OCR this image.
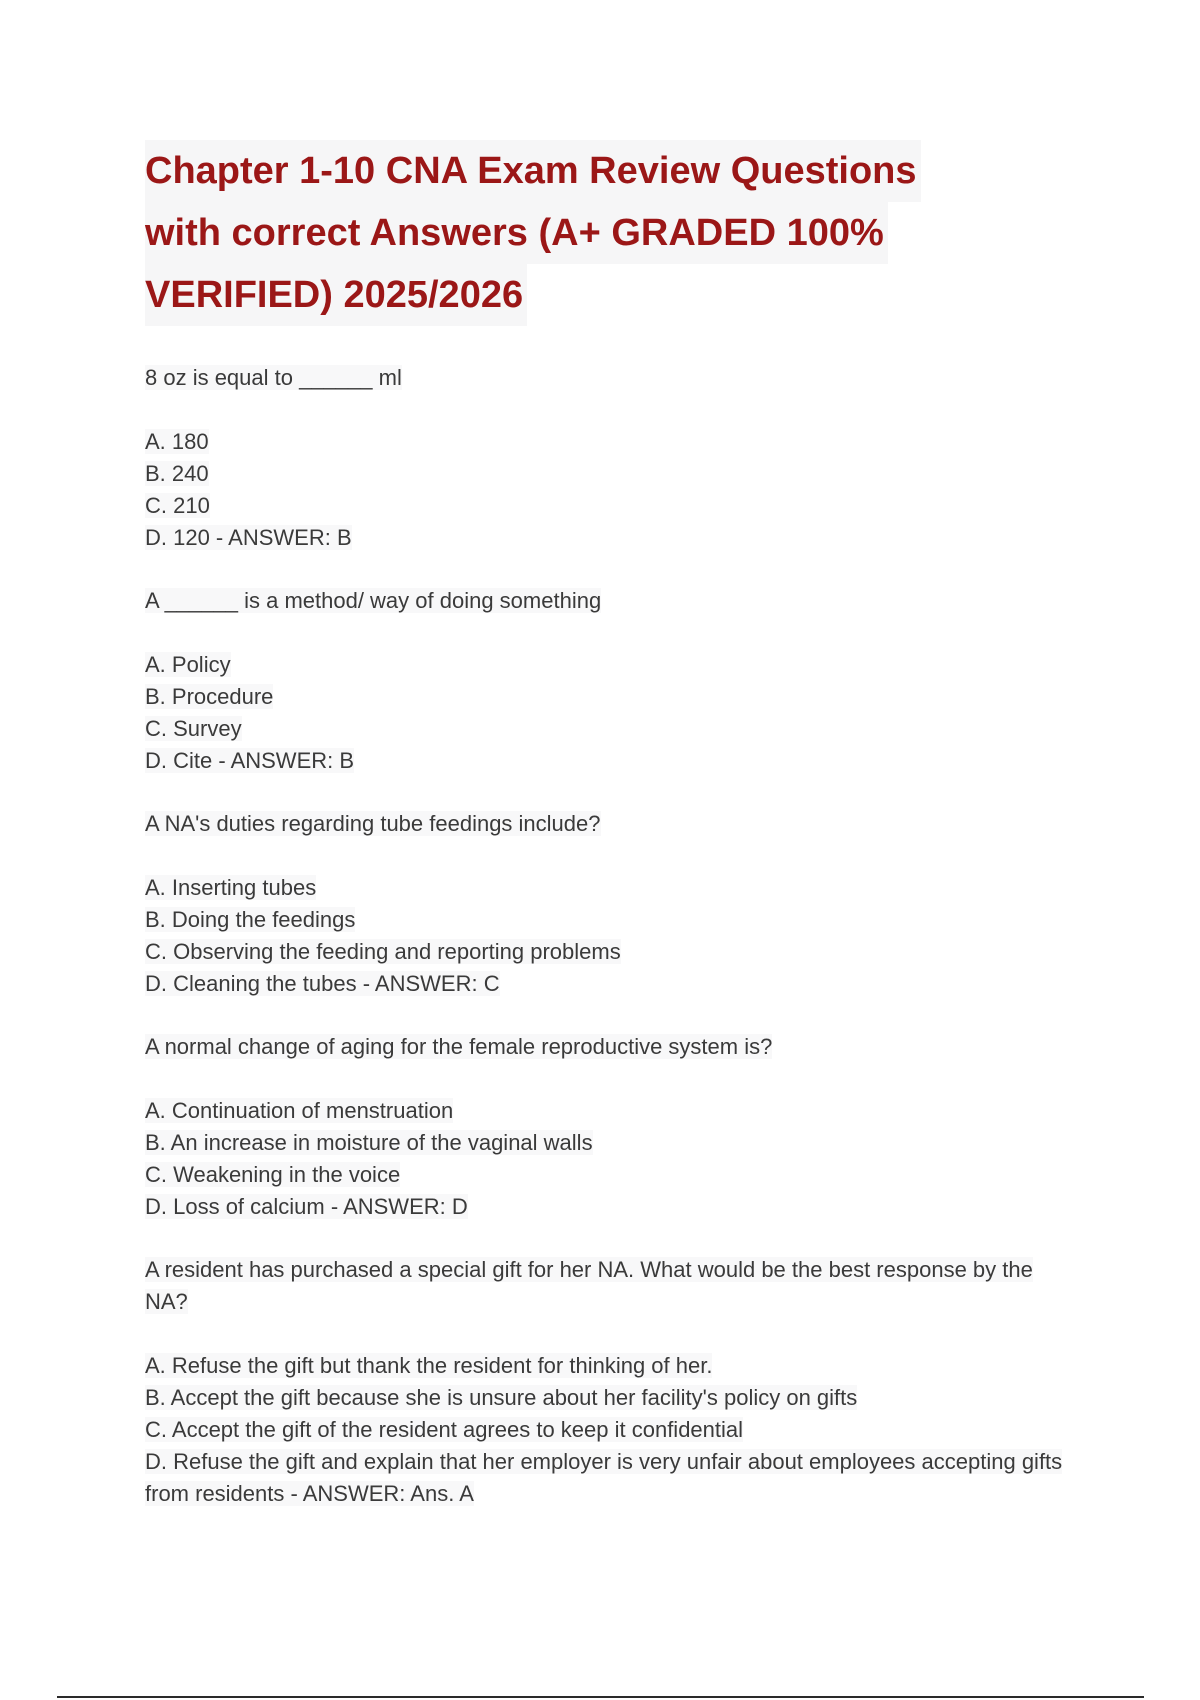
Chapter 1-10 CNA Exam Review Questions
with correct Answers (A+ GRADED 100%
VERIFIED) 2025/2026

8 oz is equal to ______ ml

A. 180
B. 240
C. 210
D. 120 - ANSWER: B

A ______ is a method/ way of doing something

A. Policy
B. Procedure
C. Survey
D. Cite - ANSWER: B

A NA's duties regarding tube feedings include?

A. Inserting tubes
B. Doing the feedings
C. Observing the feeding and reporting problems
D. Cleaning the tubes - ANSWER: C

A normal change of aging for the female reproductive system is?

A. Continuation of menstruation
B. An increase in moisture of the vaginal walls
C. Weakening in the voice
D. Loss of calcium - ANSWER: D

A resident has purchased a special gift for her NA. What would be the best response by the NA?

A. Refuse the gift but thank the resident for thinking of her.
B. Accept the gift because she is unsure about her facility's policy on gifts
C. Accept the gift of the resident agrees to keep it confidential
D. Refuse the gift and explain that her employer is very unfair about employees accepting gifts from residents - ANSWER: Ans. A
